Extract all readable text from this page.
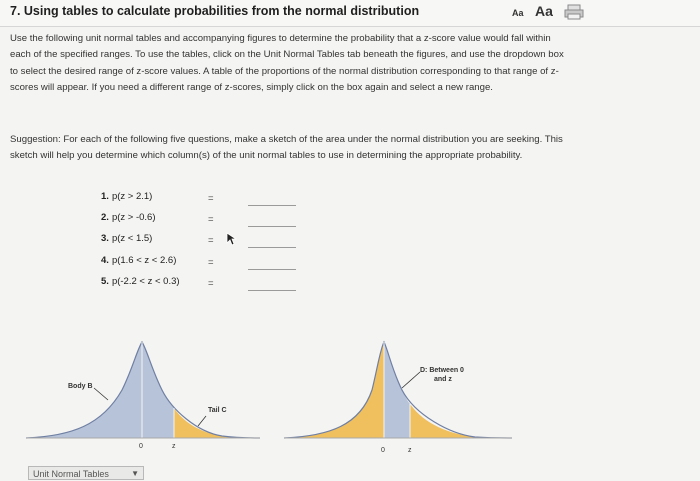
7. Using tables to calculate probabilities from the normal distribution	Aa Aa
Use the following unit normal tables and accompanying figures to determine the probability that a z-score value would fall within each of the specified ranges. To use the tables, click on the Unit Normal Tables tab beneath the figures, and use the dropdown box to select the desired range of z-score values. A table of the proportions of the normal distribution corresponding to that range of z-scores will appear. If you need a different range of z-scores, simply click on the box again and select a new range.
Suggestion: For each of the following five questions, make a sketch of the area under the normal distribution you are seeking. This sketch will help you determine which column(s) of the unit normal tables to use in determining the appropriate probability.
1. p(z > 2.1)	=
2. p(z > -0.6)	=
3. p(z < 1.5)	=
4. p(1.6 < z < 2.6)	=
5. p(-2.2 < z < 0.3)	=
Body B
Tail C
0	z
D: Between 0
and z
0	z
Unit Normal Tables	▼
